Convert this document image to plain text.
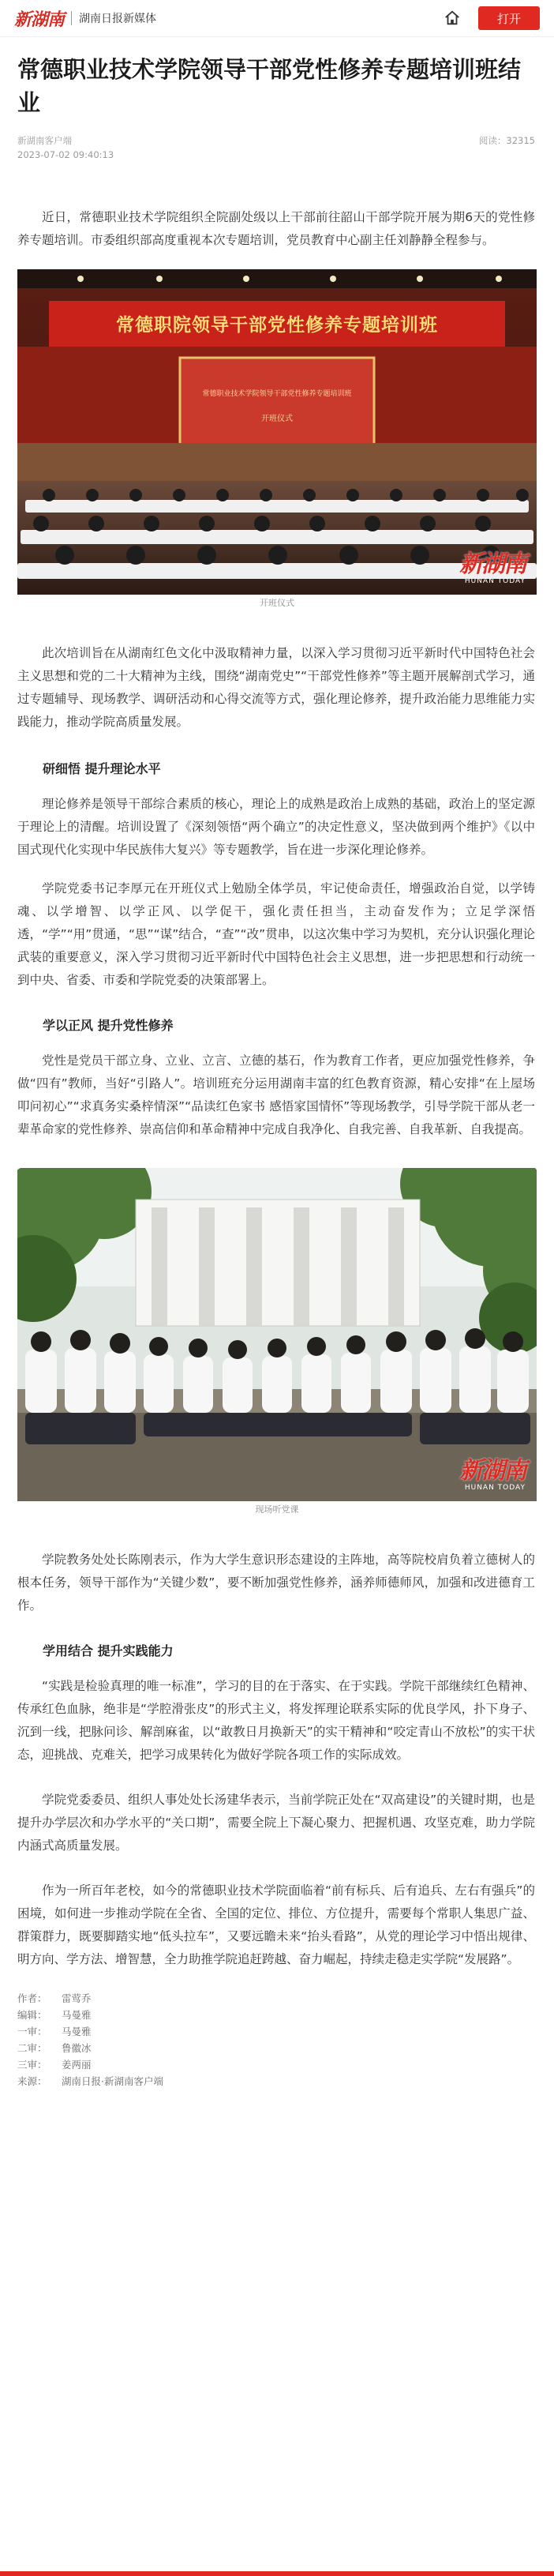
新湖南 湖南日报新媒体	打开
常德职业技术学院领导干部党性修养专题培训班结业
新湖南客户端	阅读：32315
2023-07-02 09:40:13
近日，常德职业技术学院组织全院副处级以上干部前往韶山干部学院开展为期6天的党性修养专题培训。市委组织部高度重视本次专题培训，党员教育中心副主任刘静静全程参与。
常德职院领导干部党性修养专题培训班
常德职业技术学院领导干部党性修养专题培训班
开班仪式
新湖南
HUNAN TODAY
开班仪式
此次培训旨在从湖南红色文化中汲取精神力量，以深入学习贯彻习近平新时代中国特色社会主义思想和党的二十大精神为主线，围绕“湖南党史”“干部党性修养”等主题开展解剖式学习，通过专题辅导、现场教学、调研活动和心得交流等方式，强化理论修养，提升政治能力思维能力实践能力，推动学院高质量发展。
研细悟 提升理论水平
理论修养是领导干部综合素质的核心，理论上的成熟是政治上成熟的基础，政治上的坚定源于理论上的清醒。培训设置了《深刻领悟“两个确立”的决定性意义，坚决做到两个维护》《以中国式现代化实现中华民族伟大复兴》等专题教学，旨在进一步深化理论修养。
学院党委书记李厚元在开班仪式上勉励全体学员，牢记使命责任，增强政治自觉，以学铸魂、以学增智、以学正风、以学促干，强化责任担当，主动奋发作为；立足学深悟透，“学”“用”贯通，“思”“谋”结合，“查”“改”贯串，以这次集中学习为契机，充分认识强化理论武装的重要意义，深入学习贯彻习近平新时代中国特色社会主义思想，进一步把思想和行动统一到中央、省委、市委和学院党委的决策部署上。
学以正风 提升党性修养
党性是党员干部立身、立业、立言、立德的基石，作为教育工作者，更应加强党性修养，争做“四有”教师，当好“引路人”。培训班充分运用湖南丰富的红色教育资源，精心安排“在上屋场叩问初心”“求真务实桑梓情深”“品读红色家书 感悟家国情怀”等现场教学，引导学院干部从老一辈革命家的党性修养、崇高信仰和革命精神中完成自我净化、自我完善、自我革新、自我提高。
新湖南
HUNAN TODAY
现场听党课
学院教务处处长陈刚表示，作为大学生意识形态建设的主阵地，高等院校肩负着立德树人的根本任务，领导干部作为“关键少数”，要不断加强党性修养，涵养师德师风，加强和改进德育工作。
学用结合 提升实践能力
“实践是检验真理的唯一标准”，学习的目的在于落实、在于实践。学院干部继续红色精神、传承红色血脉，绝非是“学腔滑张皮”的形式主义，将发挥理论联系实际的优良学风，扑下身子、沉到一线，把脉问诊、解剖麻雀，以“敢教日月换新天”的实干精神和“咬定青山不放松”的实干状态，迎挑战、克难关，把学习成果转化为做好学院各项工作的实际成效。
学院党委委员、组织人事处处长汤建华表示，当前学院正处在“双高建设”的关键时期，也是提升办学层次和办学水平的“关口期”，需要全院上下凝心聚力、把握机遇、攻坚克难，助力学院内涵式高质量发展。
作为一所百年老校，如今的常德职业技术学院面临着“前有标兵、后有追兵、左右有强兵”的困境，如何进一步推动学院在全省、全国的定位、排位、方位提升，需要每个常职人集思广益、群策群力，既要脚踏实地“低头拉车”，又要远瞻未来“抬头看路”，从党的理论学习中悟出规律、明方向、学方法、增智慧，全力助推学院追赶跨越、奋力崛起，持续走稳走实学院“发展路”。
作者：	雷莺乔
编辑：	马曼雅
一审：	马曼雅
二审：	鲁徽冰
三审：	姜两丽
来源：	湖南日报·新湖南客户端
